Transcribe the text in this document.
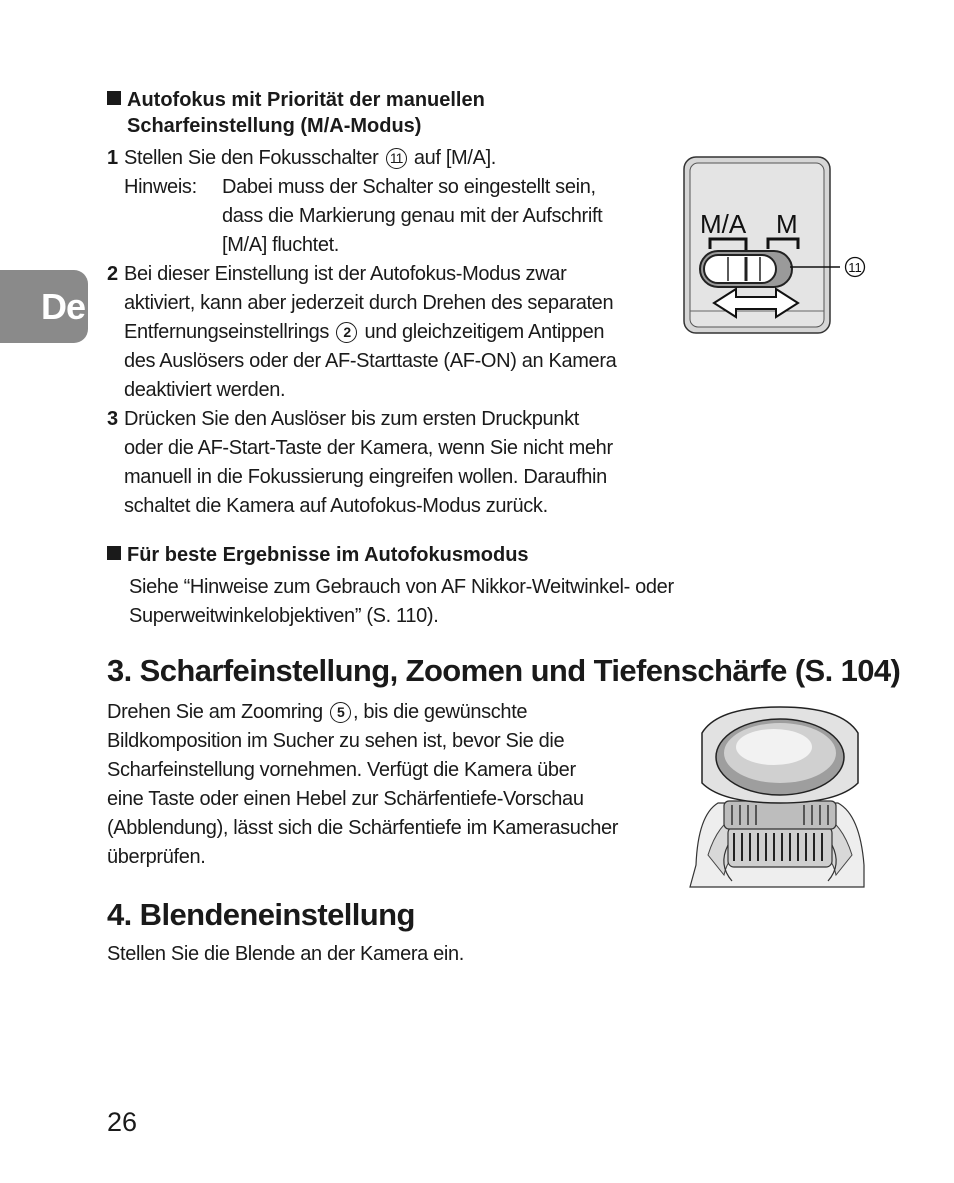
De
Autofokus mit Priorität der manuellen
Scharfeinstellung (M/A-Modus)
1 Stellen Sie den Fokusschalter 11 auf [M/A].
Hinweis: Dabei muss der Schalter so eingestellt sein,
dass die Markierung genau mit der Aufschrift
[M/A] fluchtet.
2 Bei dieser Einstellung ist der Autofokus-Modus zwar
aktiviert, kann aber jederzeit durch Drehen des separaten
Entfernungseinstellrings 2 und gleichzeitigem Antippen
des Auslösers oder der AF-Starttaste (AF-ON) an Kamera
deaktiviert werden.
3 Drücken Sie den Auslöser bis zum ersten Druckpunkt
oder die AF-Start-Taste der Kamera, wenn Sie nicht mehr
manuell in die Fokussierung eingreifen wollen. Daraufhin
schaltet die Kamera auf Autofokus-Modus zurück.
M/A M
11
Für beste Ergebnisse im Autofokusmodus
Siehe “Hinweise zum Gebrauch von AF Nikkor-Weitwinkel- oder
Superweitwinkelobjektiven” (S. 110).
3. Scharfeinstellung, Zoomen und Tiefenschärfe (S. 104)
Drehen Sie am Zoomring 5 , bis die gewünschte
Bildkomposition im Sucher zu sehen ist, bevor Sie die
Scharfeinstellung vornehmen. Verfügt die Kamera über
eine Taste oder einen Hebel zur Schärfentiefe-Vorschau
(Abblendung), lässt sich die Schärfentiefe im Kamerasucher
überprüfen.
4. Blendeneinstellung
Stellen Sie die Blende an der Kamera ein.
26
